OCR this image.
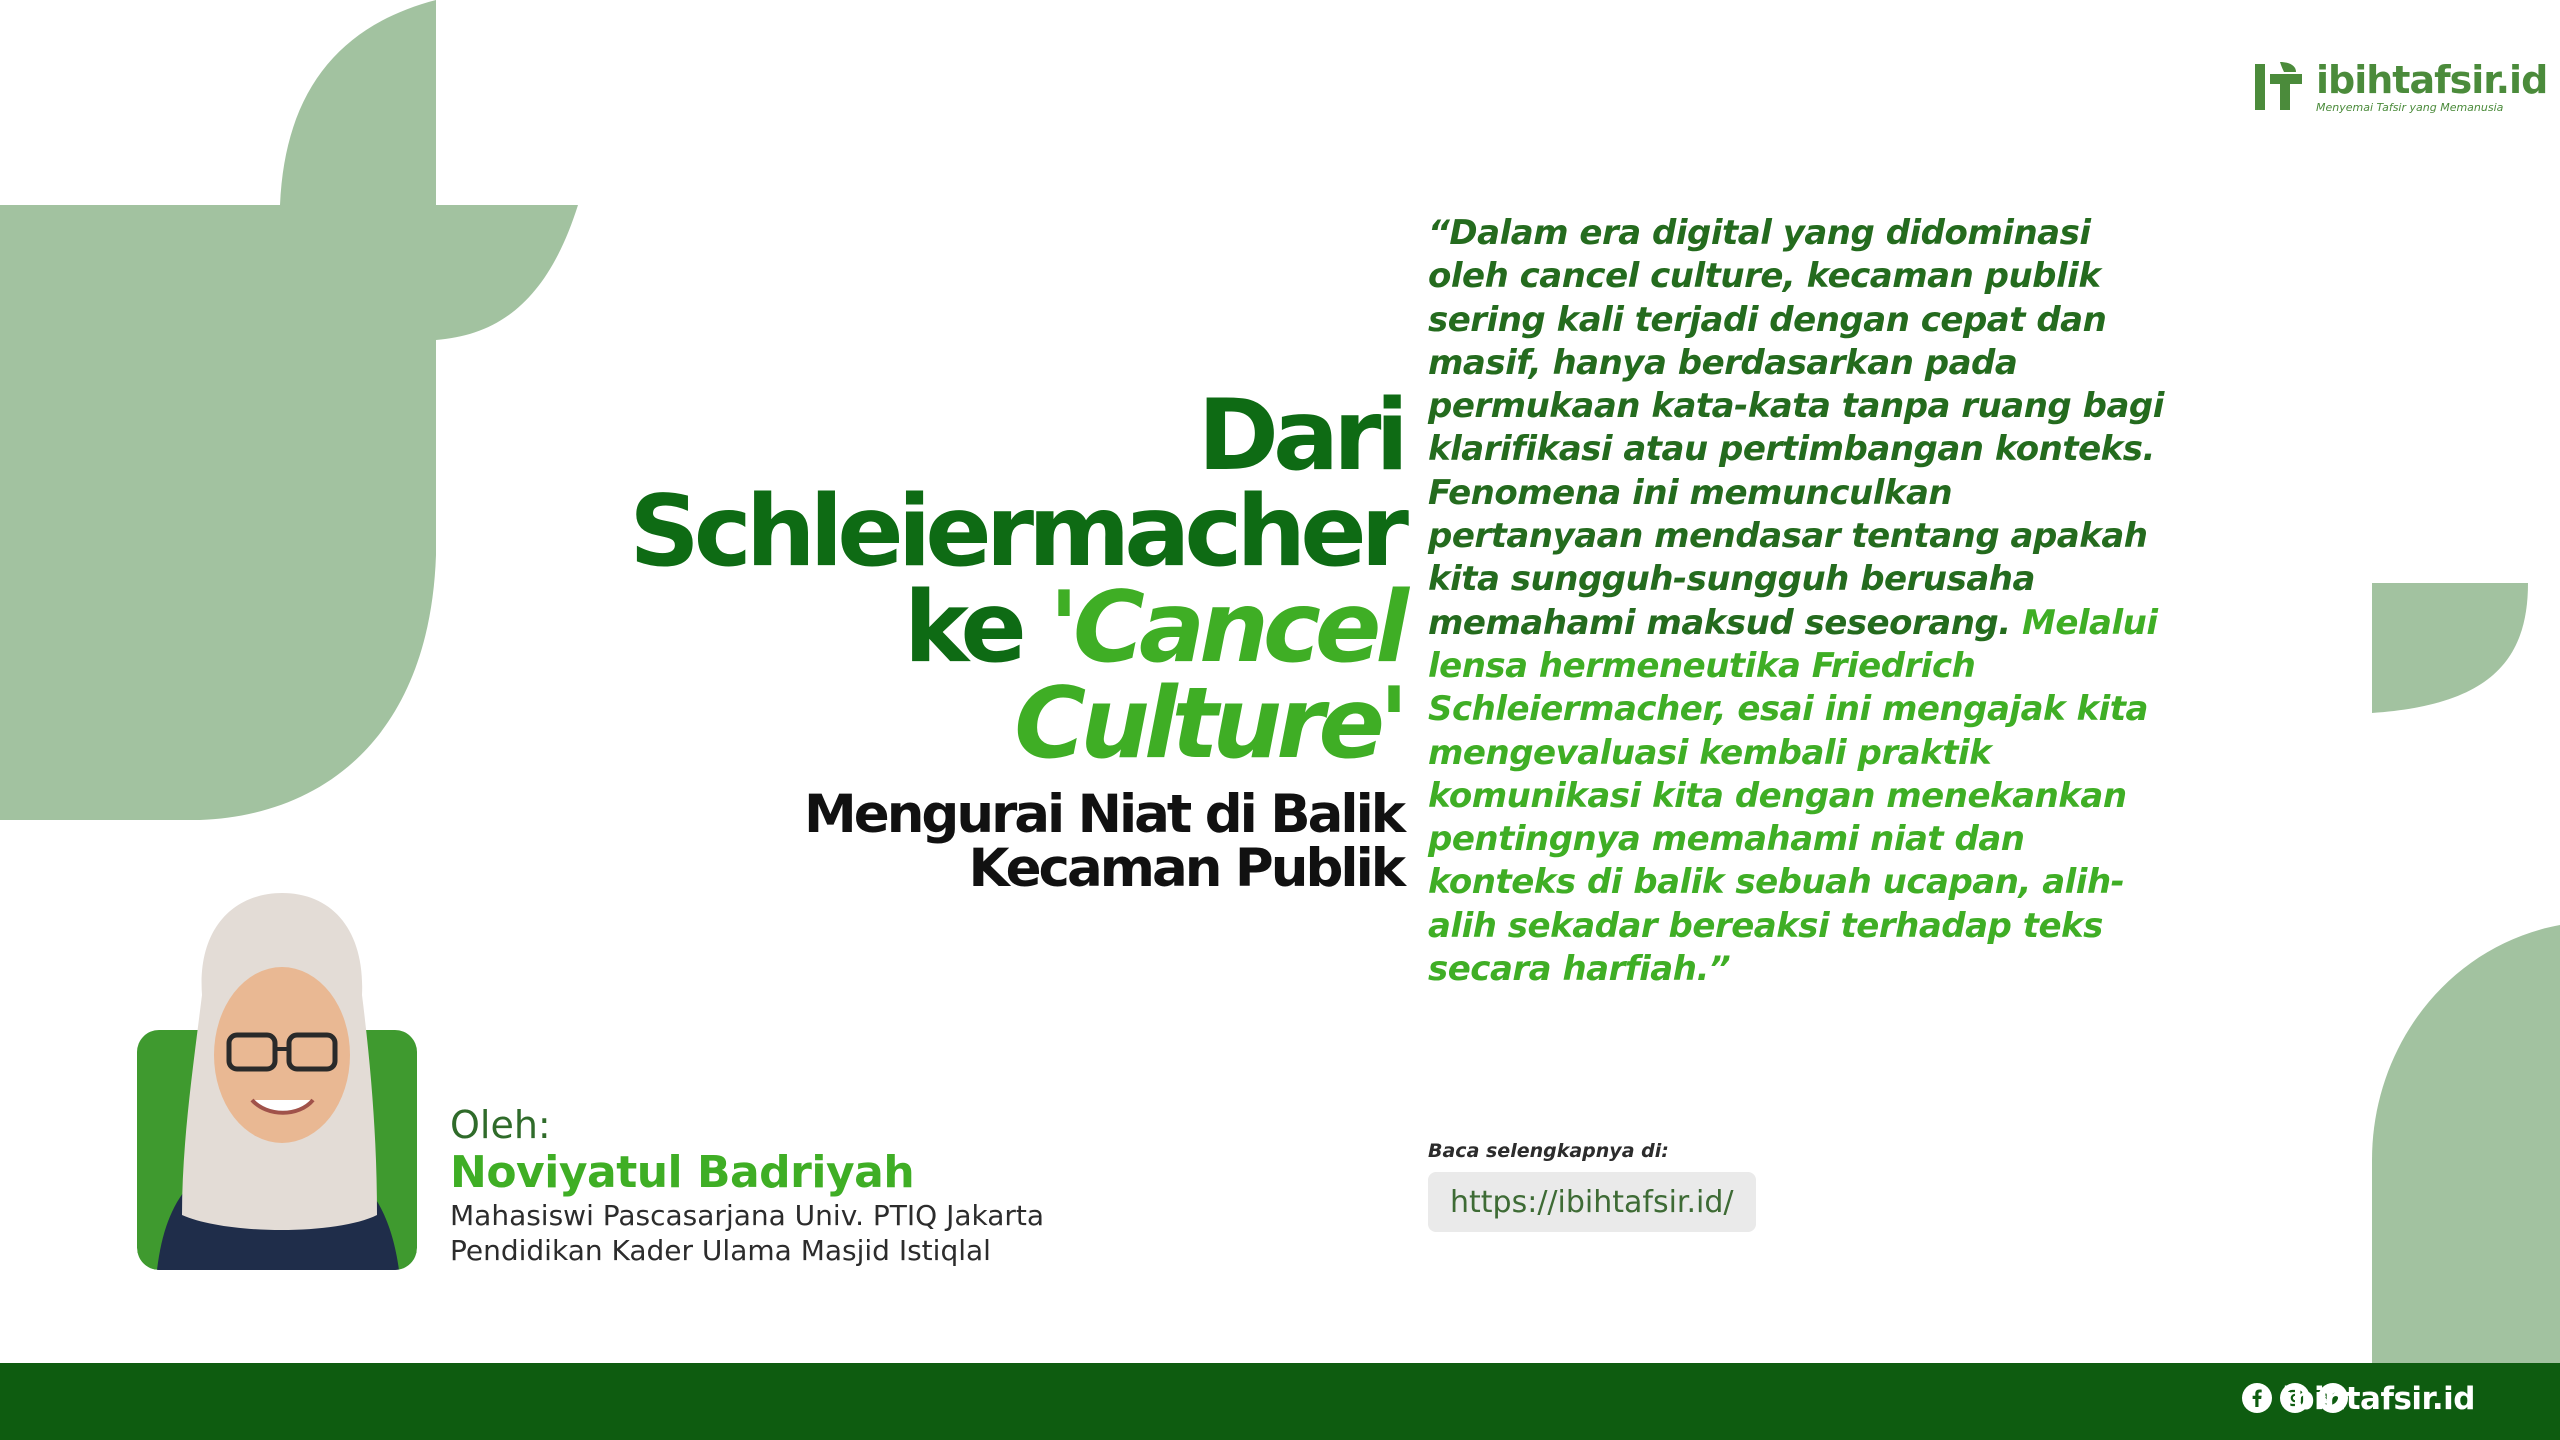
ibihtafsir.id
Menyemai Tafsir yang Memanusia
Dari
Schleiermacher
ke 'Cancel
Culture'
Mengurai Niat di Balik
Kecaman Publik

“Dalam era digital yang didominasi oleh cancel culture, kecaman publik sering kali terjadi dengan cepat dan masif, hanya berdasarkan pada permukaan kata-kata tanpa ruang bagi klarifikasi atau pertimbangan konteks. Fenomena ini memunculkan pertanyaan mendasar tentang apakah kita sungguh-sungguh berusaha memahami maksud seseorang. Melalui lensa hermeneutika Friedrich Schleiermacher, esai ini mengajak kita mengevaluasi kembali praktik komunikasi kita dengan menekankan pentingnya memahami niat dan konteks di balik sebuah ucapan, alih-alih sekadar bereaksi terhadap teks secara harfiah.”

Baca selengkapnya di:
https://ibihtafsir.id/
Oleh:
Noviyatul Badriyah
Mahasiswi Pascasarjana Univ. PTIQ Jakarta
Pendidikan Kader Ulama Masjid Istiqlal
ibihtafsir.id
